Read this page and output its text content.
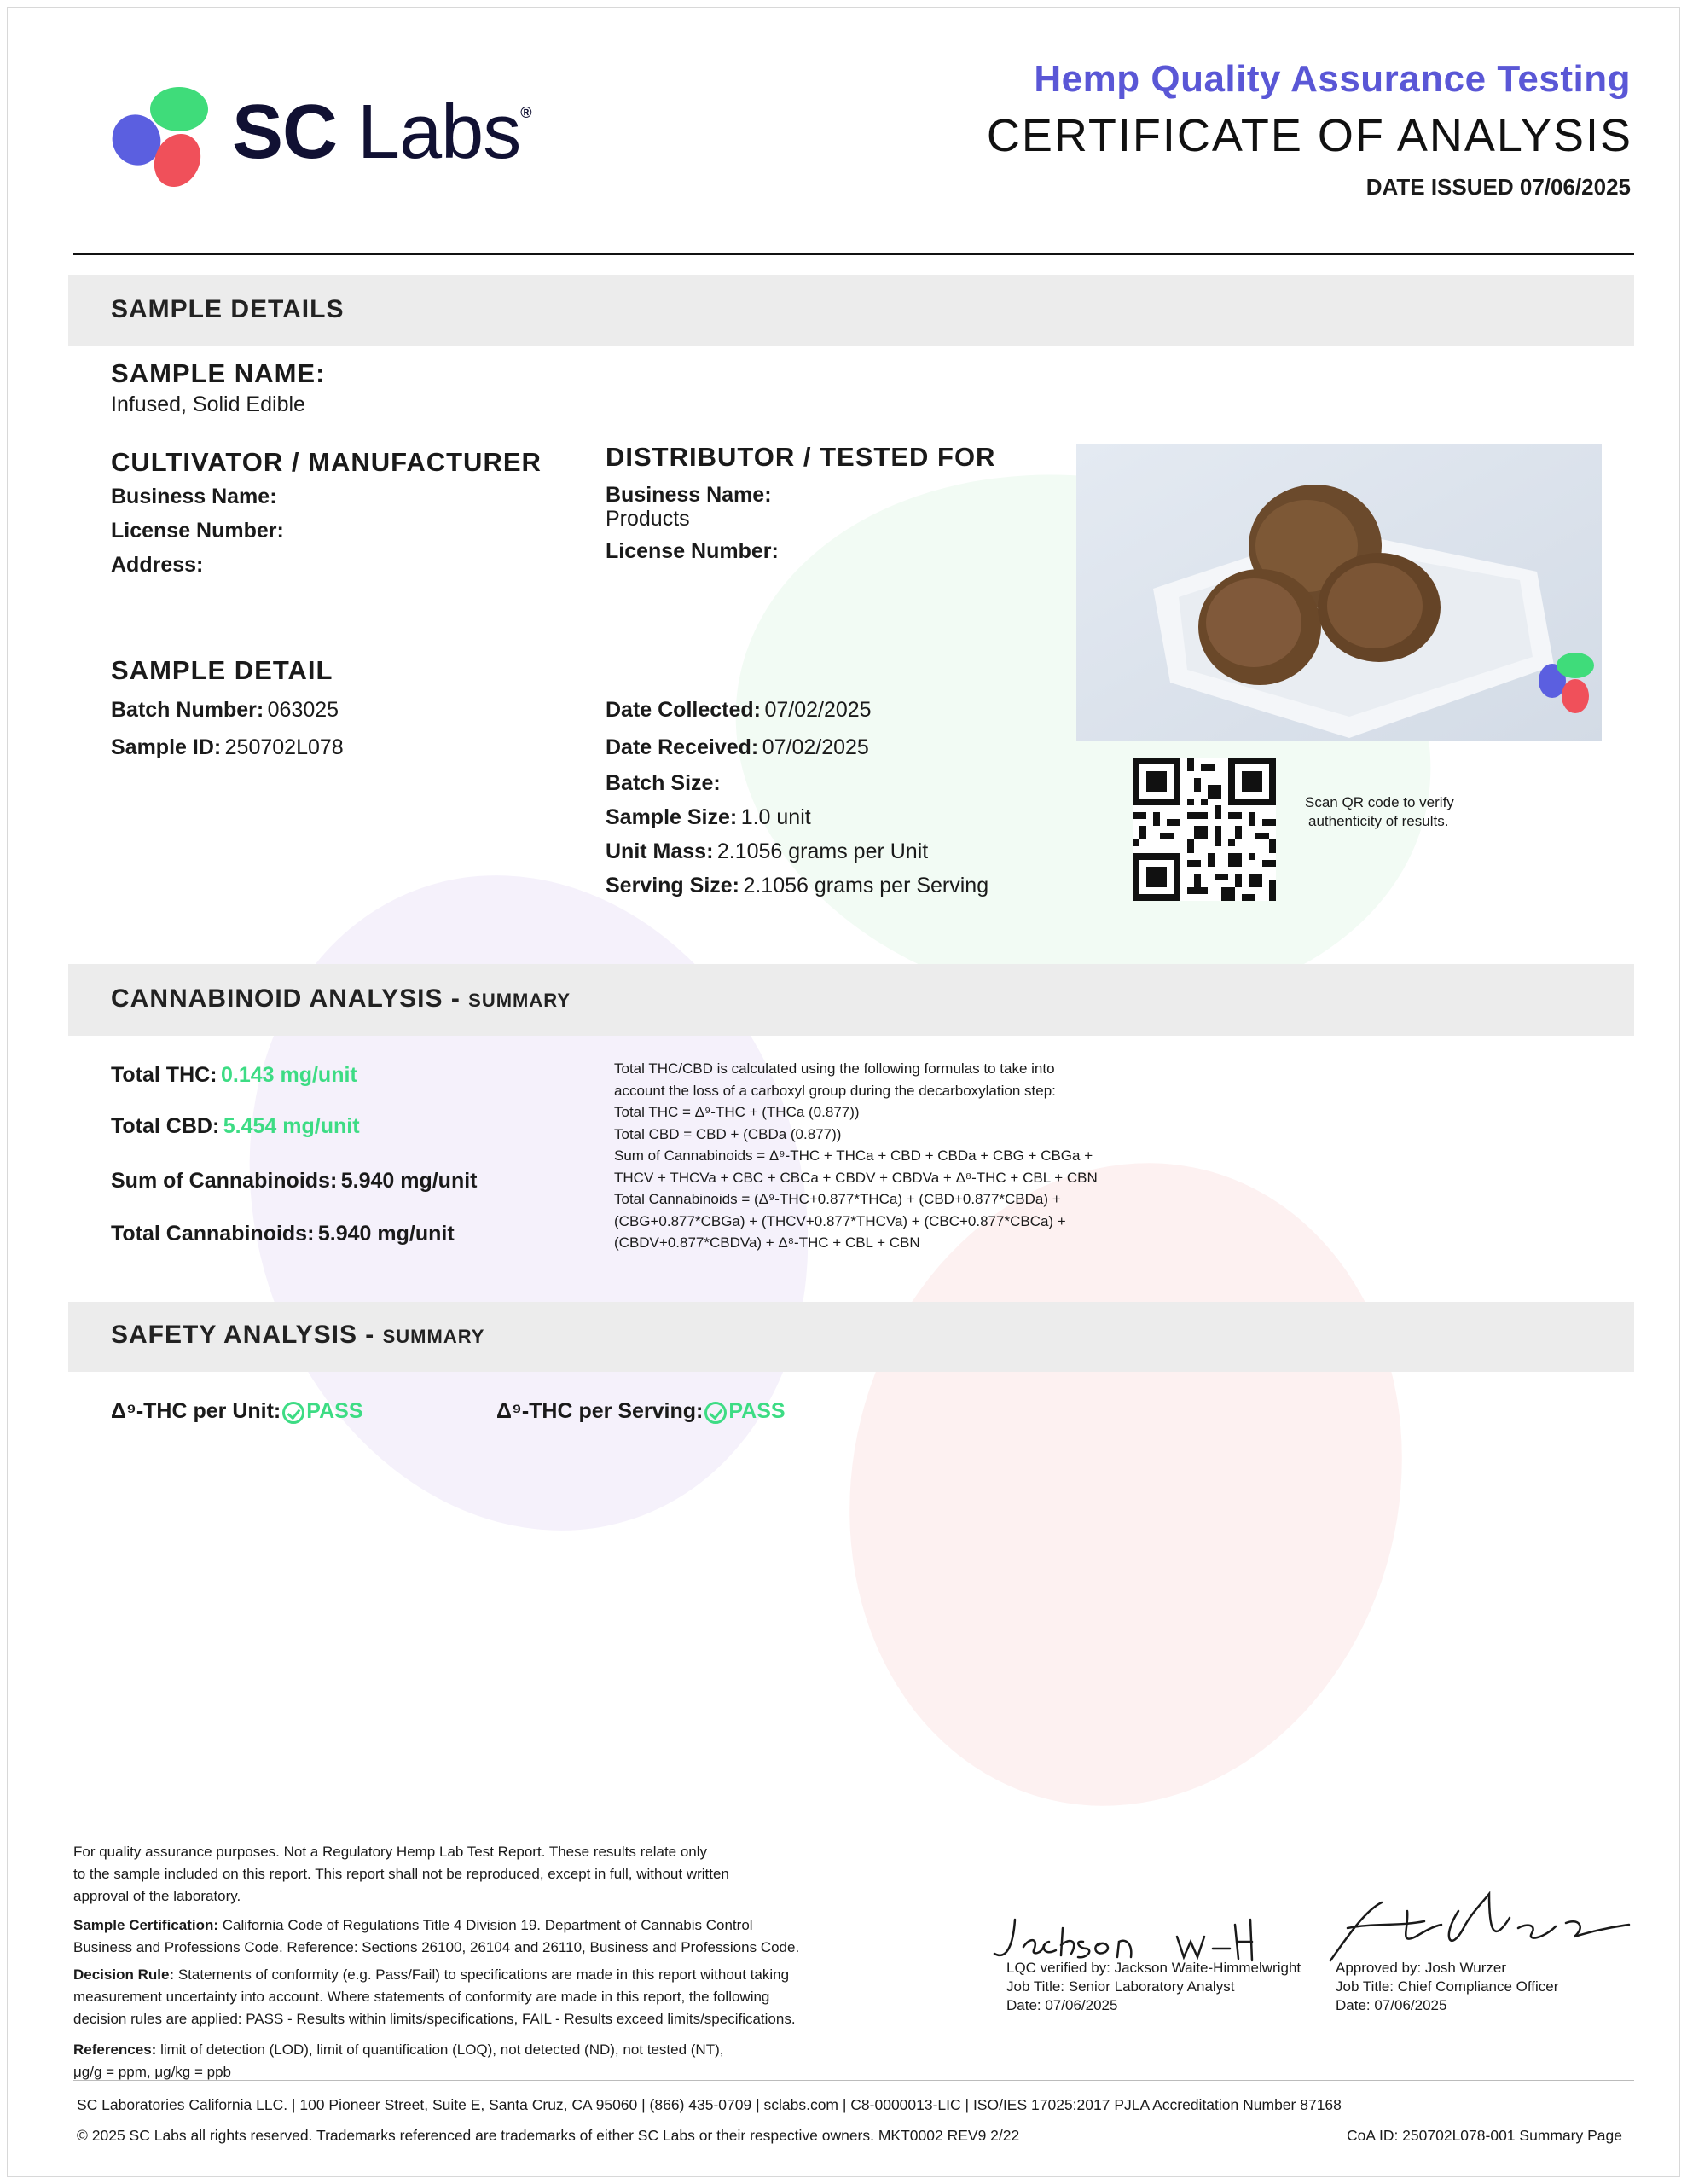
SC Labs®
Hemp Quality Assurance Testing
CERTIFICATE OF ANALYSIS
DATE ISSUED 07/06/2025
SAMPLE DETAILS
SAMPLE NAME:
Infused, Solid Edible
CULTIVATOR / MANUFACTURER
Business Name:
License Number:
Address:
DISTRIBUTOR / TESTED FOR
Business Name:
Products
License Number:
SAMPLE DETAIL
Batch Number: 063025
Sample ID: 250702L078
Date Collected: 07/02/2025
Date Received: 07/02/2025
Batch Size:
Sample Size: 1.0 unit
Unit Mass: 2.1056 grams per Unit
Serving Size: 2.1056 grams per Serving
Scan QR code to verify
authenticity of results.
CANNABINOID ANALYSIS - SUMMARY
Total THC: 0.143 mg/unit
Total CBD: 5.454 mg/unit
Sum of Cannabinoids: 5.940 mg/unit
Total Cannabinoids: 5.940 mg/unit
Total THC/CBD is calculated using the following formulas to take into
account the loss of a carboxyl group during the decarboxylation step:
Total THC = Δ⁹-THC + (THCa (0.877))
Total CBD = CBD + (CBDa (0.877))
Sum of Cannabinoids = Δ⁹-THC + THCa + CBD + CBDa + CBG + CBGa +
THCV + THCVa + CBC + CBCa + CBDV + CBDVa + Δ⁸-THC + CBL + CBN
Total Cannabinoids = (Δ⁹-THC+0.877*THCa) + (CBD+0.877*CBDa) +
(CBG+0.877*CBGa) + (THCV+0.877*THCVa) + (CBC+0.877*CBCa) +
(CBDV+0.877*CBDVa) + Δ⁸-THC + CBL + CBN
SAFETY ANALYSIS - SUMMARY
Δ⁹-THC per Unit: PASS	Δ⁹-THC per Serving: PASS
For quality assurance purposes. Not a Regulatory Hemp Lab Test Report. These results relate only
to the sample included on this report. This report shall not be reproduced, except in full, without written
approval of the laboratory.
Sample Certification: California Code of Regulations Title 4 Division 19. Department of Cannabis Control
Business and Professions Code. Reference: Sections 26100, 26104 and 26110, Business and Professions Code.
Decision Rule: Statements of conformity (e.g. Pass/Fail) to specifications are made in this report without taking
measurement uncertainty into account. Where statements of conformity are made in this report, the following
decision rules are applied: PASS - Results within limits/specifications, FAIL - Results exceed limits/specifications.
References: limit of detection (LOD), limit of quantification (LOQ), not detected (ND), not tested (NT),
μg/g = ppm, μg/kg = ppb
LQC verified by: Jackson Waite-Himmelwright
Job Title: Senior Laboratory Analyst
Date: 07/06/2025
Approved by: Josh Wurzer
Job Title: Chief Compliance Officer
Date: 07/06/2025
SC Laboratories California LLC. | 100 Pioneer Street, Suite E, Santa Cruz, CA 95060 | (866) 435-0709 | sclabs.com | C8-0000013-LIC | ISO/IES 17025:2017 PJLA Accreditation Number 87168
© 2025 SC Labs all rights reserved. Trademarks referenced are trademarks of either SC Labs or their respective owners. MKT0002 REV9 2/22	CoA ID: 250702L078-001 Summary Page
